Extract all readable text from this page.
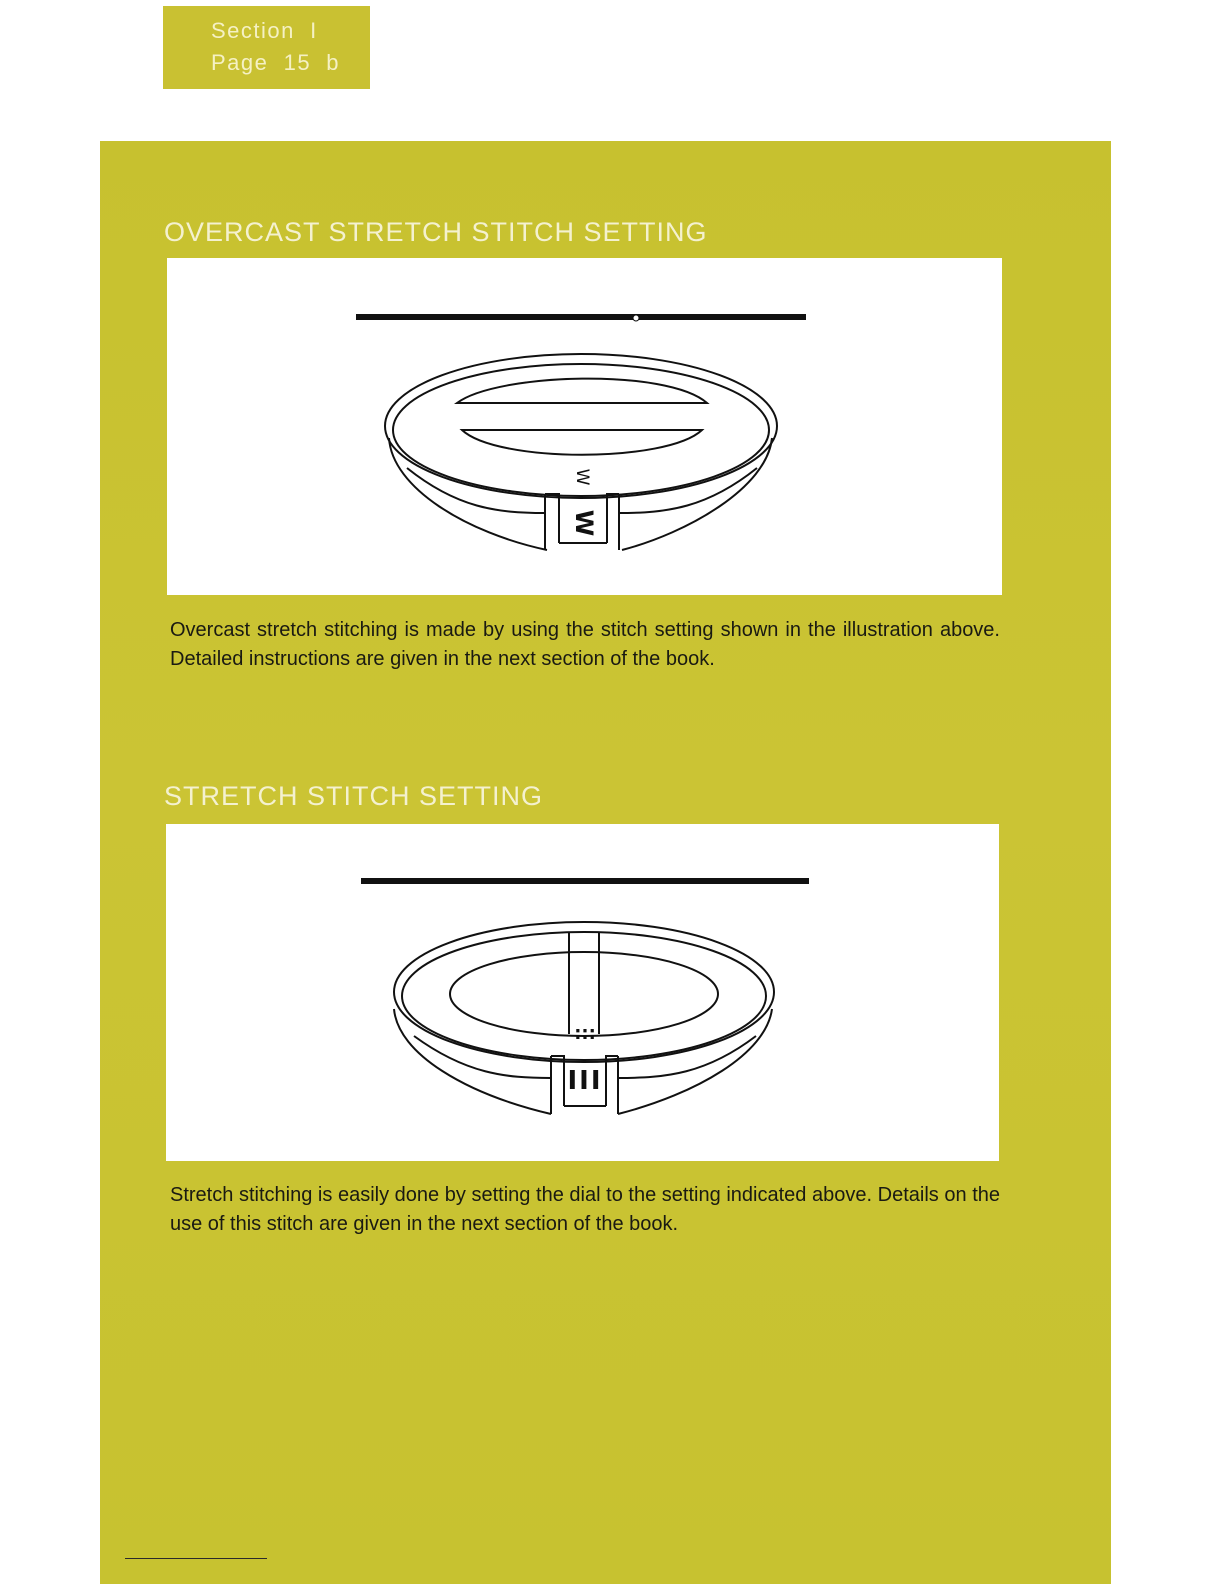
Section  I
Page  15  b
OVERCAST STRETCH STITCH SETTING
W
W

Overcast stretch stitching is made by using the stitch setting shown in the illustration above. Detailed instructions are given in the next section of the book.

STRETCH STITCH SETTING
:::
III

Stretch stitching is easily done by setting the dial to the setting indicated above. Details on the use of this stitch are given in the next section of the book.
